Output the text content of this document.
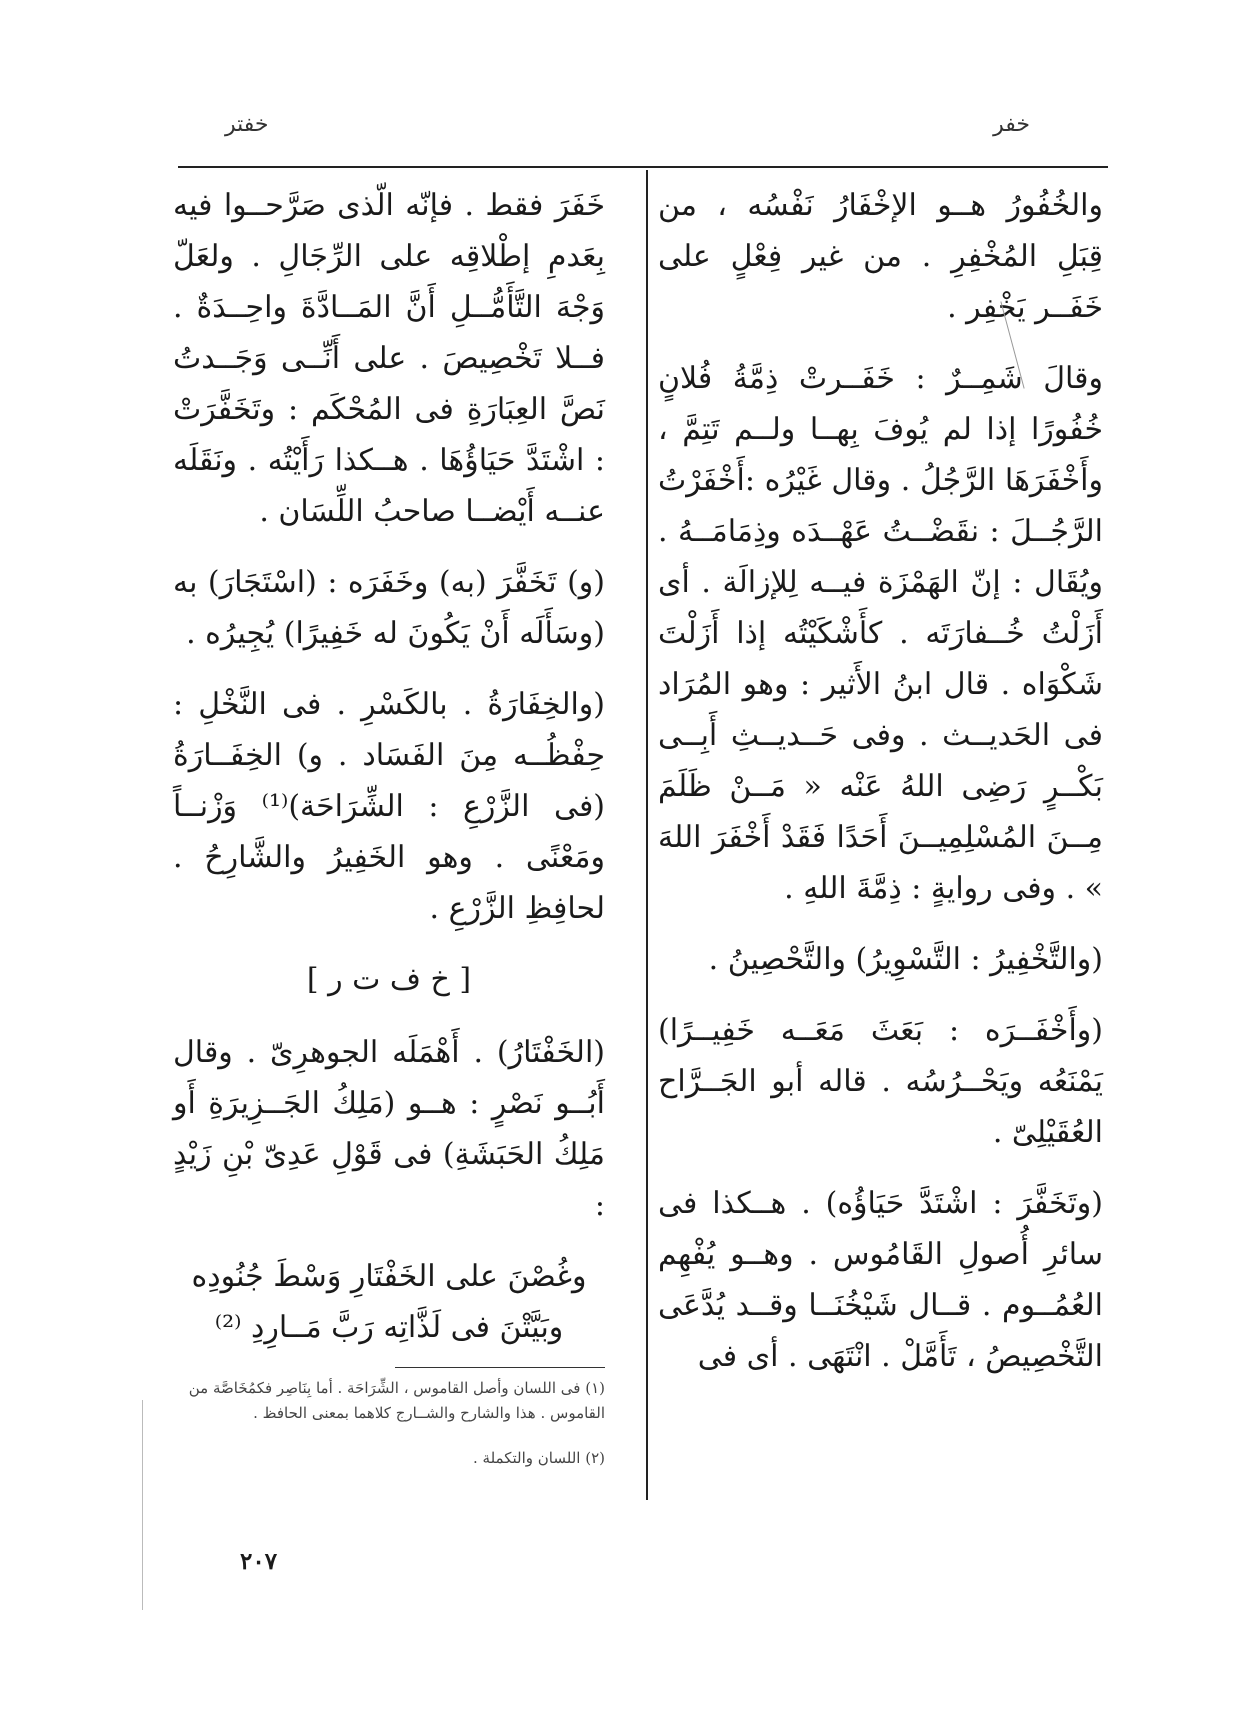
خفر
خفتر

والخُفُورُ هــو الإخْفَارُ نَفْسُه ، من قِبَلِ المُخْفِرِ . من غير فِعْلٍ على خَفَــر يَخْفِر .

وقالَ شَمِــرٌ : خَفَــرتْ ذِمَّةُ فُلانٍ خُفُورًا إذا لم يُوفَ بِهــا ولــم تَتِمَّ ، وأَخْفَرَهَا الرَّجُلُ . وقال غَيْرُه :أَخْفَرْتُ الرَّجُــلَ : نقَضْــتُ عَهْــدَه وذِمَامَــهُ . ويُقَال : إنّ الهَمْزَة فيــه لِلإزالَة . أى أَزَلْتُ خُــفارَتَه . كأَشْكَيْتُه إذا أَزَلْتَ شَكْوَاه . قال ابنُ الأَثير : وهو المُرَاد فى الحَديــث . وفى حَــديــثِ أَبِــى بَكْــرٍ رَضِى اللهُ عَنْه « مَــنْ ظَلَمَ مِــنَ المُسْلِمِيــنَ أَحَدًا فَقَدْ أَخْفَرَ اللهَ » . وفى روايةٍ : ذِمَّةَ اللهِ .

(والتَّخْفِيرُ : التَّسْوِيرُ) والتَّحْصِينُ .

(وأَخْفَــرَه : بَعَثَ مَعَــه خَفِيــرًا) يَمْنَعُه ويَحْــرُسُه . قاله أبو الجَــرَّاح العُقَيْلِىّ .

(وتَخَفَّرَ : اشْتَدَّ حَيَاؤُه) . هــكذا فى سائرِ أُصولِ القَامُوس . وهــو يُفْهِم العُمُــوم . قــال شَيْخُنَــا وقــد يُدَّعَى التَّخْصِيصُ ، تَأَمَّلْ . انْتَهَى . أى فى

خَفَرَ فقط . فإنّه الّذى صَرَّحــوا فيه بِعَدمِ إطْلاقِه على الرِّجَالِ . ولعَلّ وَجْهَ التَّأَمُّــلِ أَنَّ المَــادَّةَ واحِــدَةٌ . فــلا تَخْصِيصَ . على أَنِّــى وَجَــدتُ نَصَّ العِبَارَةِ فى المُحْكَم : وتَخَفَّرَتْ : اشْتَدَّ حَيَاؤُهَا . هــكذا رَأَيْتُه . ونَقَلَه عنــه أَيْضــا صاحبُ اللِّسَان .

(و) تَخَفَّرَ (به) وخَفَرَه : (اسْتَجَارَ) به (وسَأَلَه أَنْ يَكُونَ له خَفِيرًا) يُجِيرُه .

(والخِفَارَةُ . بالكَسْرِ . فى النَّخْلِ : حِفْظُــه مِنَ الفَسَاد . و) الخِفَــارَةُ (فى الزَّرْعِ : الشِّرَاحَة)⁽¹⁾ وَزْنــاً ومَعْنًى . وهو الخَفِيرُ والشَّارِحُ . لحافِظِ الزَّرْعِ .

[ خ ف ت ر ]

(الخَفْتَارُ) . أَهْمَلَه الجوهرِىّ . وقال أَبُــو نَصْرٍ : هــو (مَلِكُ الجَــزِيرَةِ أَو مَلِكُ الحَبَشَةِ) فى قَوْلِ عَدِىّ بْنِ زَيْدٍ :

وغُصْنَ على الخَفْتَارِ وَسْطَ جُنُودِه
وبَيَّتْنَ فى لَذَّاتِه رَبَّ مَــارِدِ ⁽²⁾

(١) فى اللسان وأصل القاموس ، الشِّرَاحَة . أما بِنَاصِر فكمُخَاصَّة من القاموس . هذا والشارح والشــارج كلاهما بمعنى الحافظ .

(٢) اللسان والتكملة .

٢٠٧
